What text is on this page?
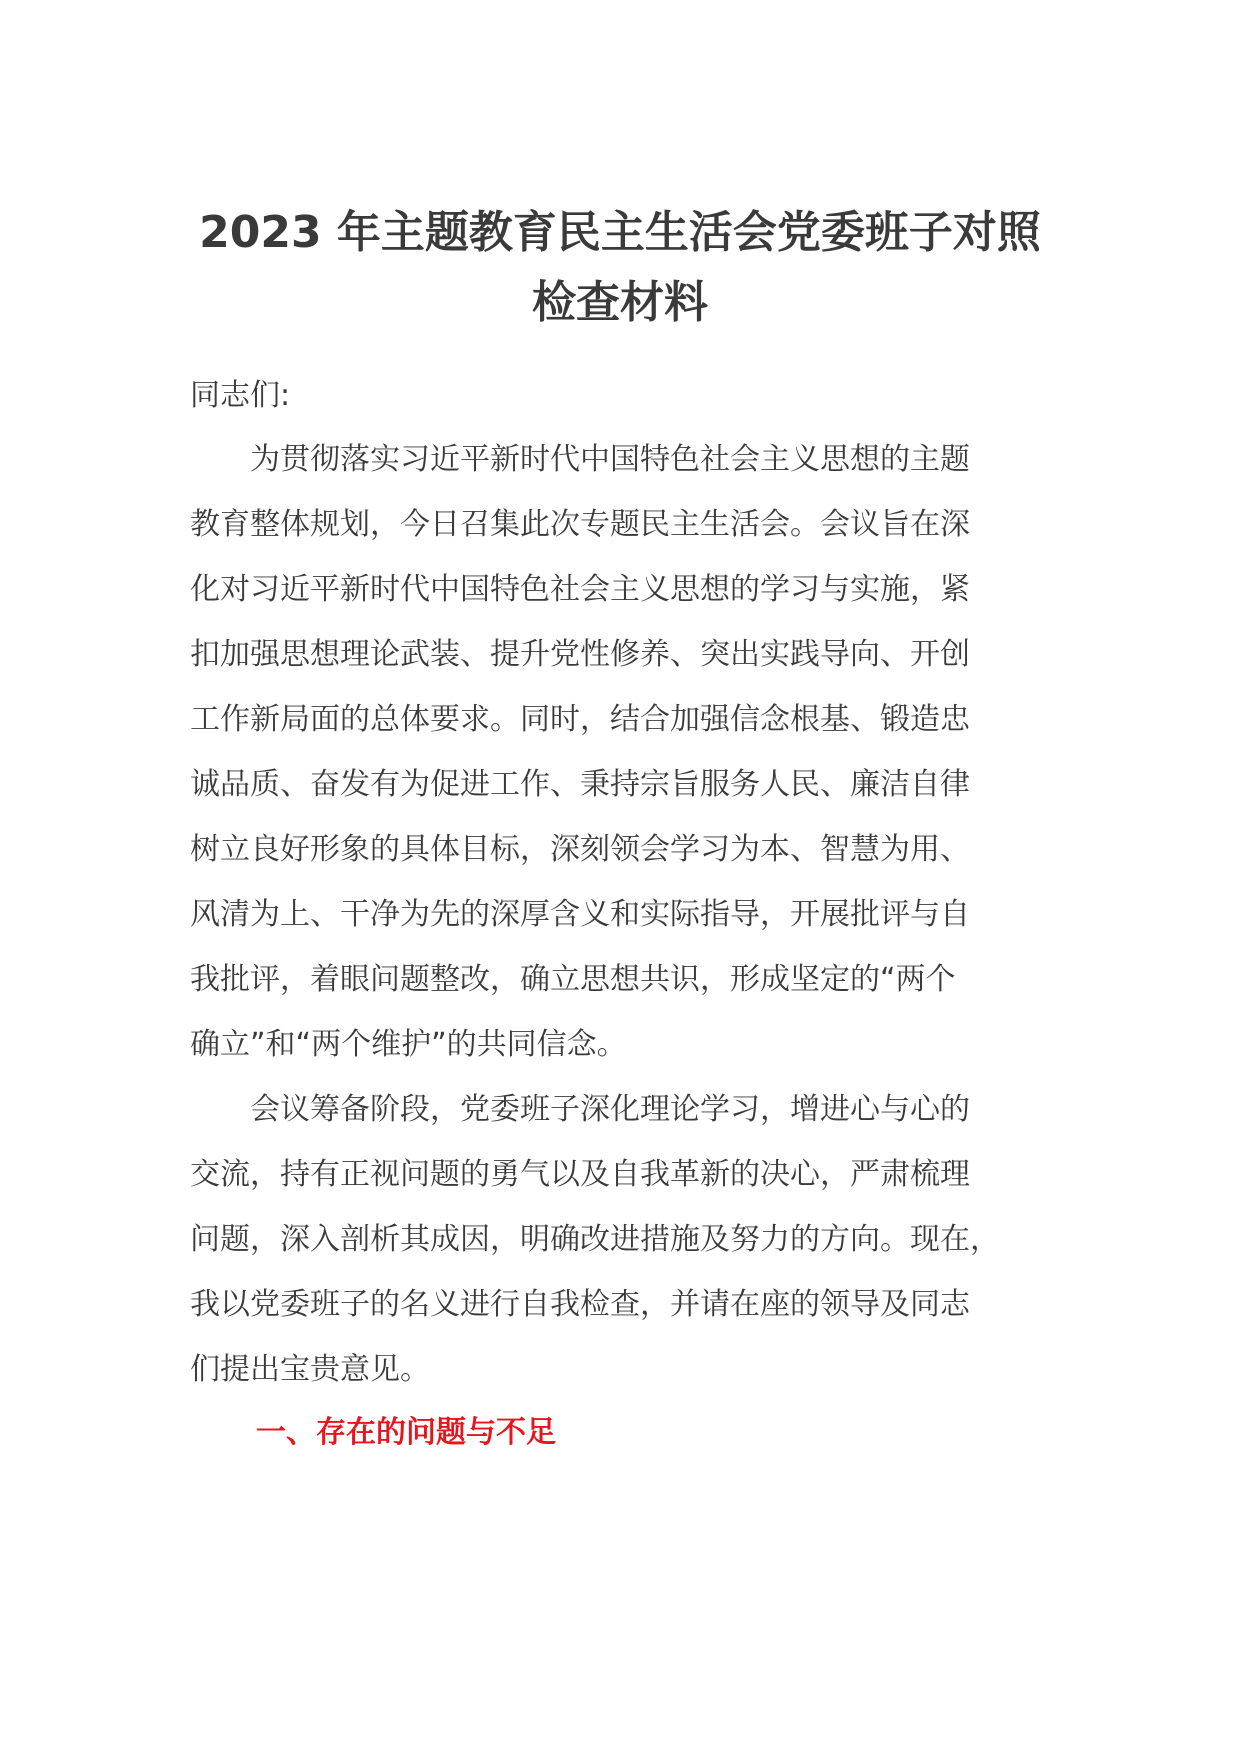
2023 年主题教育民主生活会党委班子对照
检查材料

同志们:

　　为贯彻落实习近平新时代中国特色社会主义思想的主题
教育整体规划，今日召集此次专题民主生活会。会议旨在深
化对习近平新时代中国特色社会主义思想的学习与实施，紧
扣加强思想理论武装、提升党性修养、突出实践导向、开创
工作新局面的总体要求。同时，结合加强信念根基、锻造忠
诚品质、奋发有为促进工作、秉持宗旨服务人民、廉洁自律
树立良好形象的具体目标，深刻领会学习为本、智慧为用、
风清为上、干净为先的深厚含义和实际指导，开展批评与自
我批评，着眼问题整改，确立思想共识，形成坚定的“两个
确立”和“两个维护”的共同信念。

　　会议筹备阶段，党委班子深化理论学习，增进心与心的
交流，持有正视问题的勇气以及自我革新的决心，严肃梳理
问题，深入剖析其成因，明确改进措施及努力的方向。现在，
我以党委班子的名义进行自我检查，并请在座的领导及同志
们提出宝贵意见。

一、存在的问题与不足
